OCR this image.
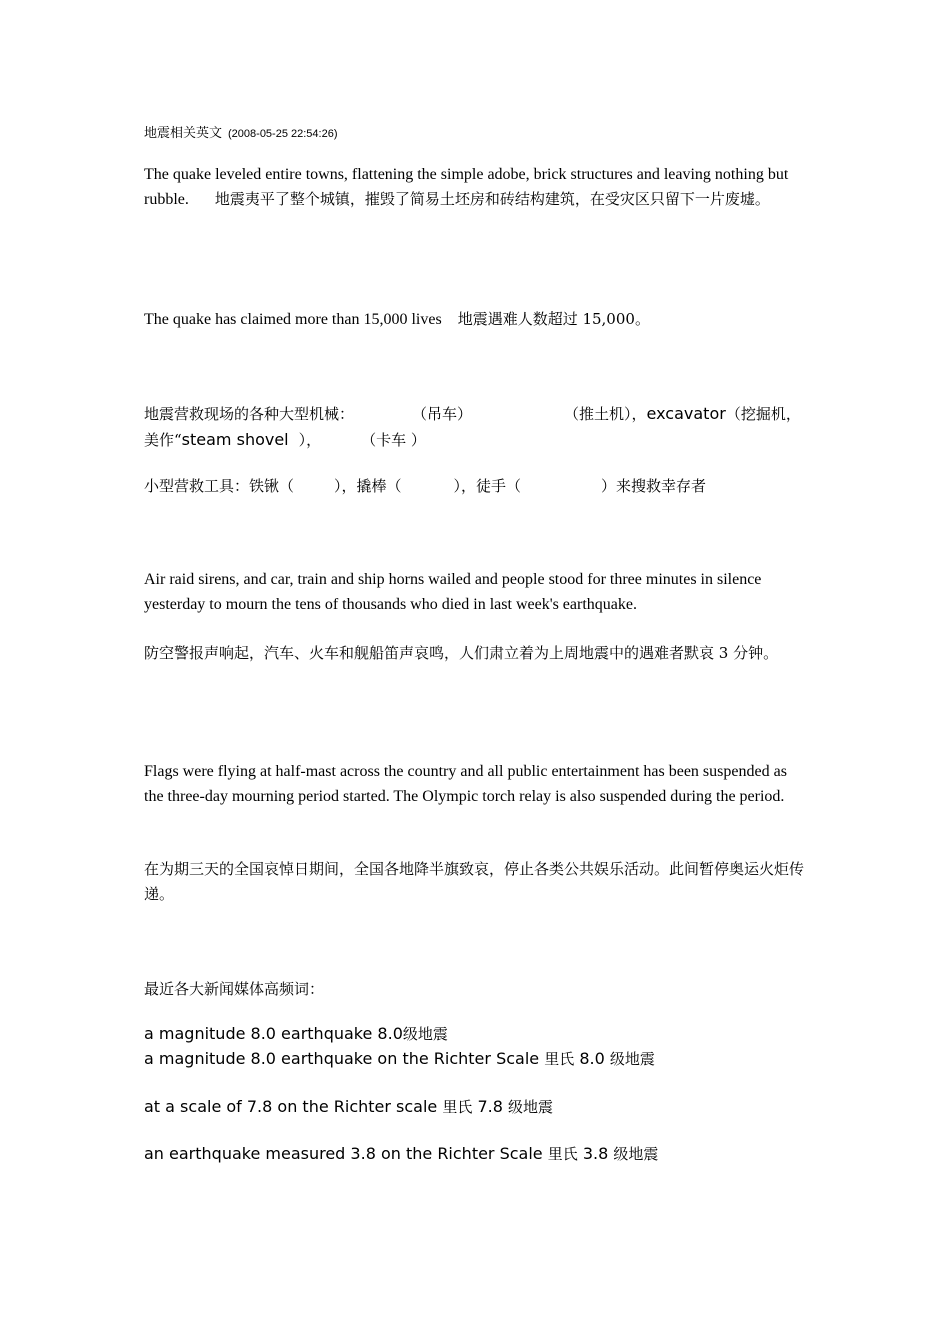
地震相关英文 (2008-05-25 22:54:26)
The quake leveled entire towns, flattening the simple adobe, brick structures and leaving nothing but rubble. 地震夷平了整个城镇，摧毁了简易土坯房和砖结构建筑，在受灾区只留下一片废墟。
The quake has claimed more than 15,000 lives 地震遇难人数超过 15,000。
地震营救现场的各种大型机械：	（吊车）	（推土机），excavator（挖掘机，美作“steam shovel ），	（卡车 ）
小型营救工具：铁锹（	），撬棒（	），徒手（	）来搜救幸存者
Air raid sirens, and car, train and ship horns wailed and people stood for three minutes in silence yesterday to mourn the tens of thousands who died in last week's earthquake.
防空警报声响起，汽车、火车和舰船笛声哀鸣，人们肃立着为上周地震中的遇难者默哀 3 分钟。
Flags were flying at half-mast across the country and all public entertainment has been suspended as the three-day mourning period started. The Olympic torch relay is also suspended during the period.
在为期三天的全国哀悼日期间，全国各地降半旗致哀，停止各类公共娱乐活动。此间暂停奥运火炬传递。
最近各大新闻媒体高频词：
a magnitude 8.0 earthquake 8.0级地震
a magnitude 8.0 earthquake on the Richter Scale 里氏 8.0 级地震
at a scale of 7.8 on the Richter scale 里氏 7.8 级地震
an earthquake measured 3.8 on the Richter Scale 里氏 3.8 级地震
